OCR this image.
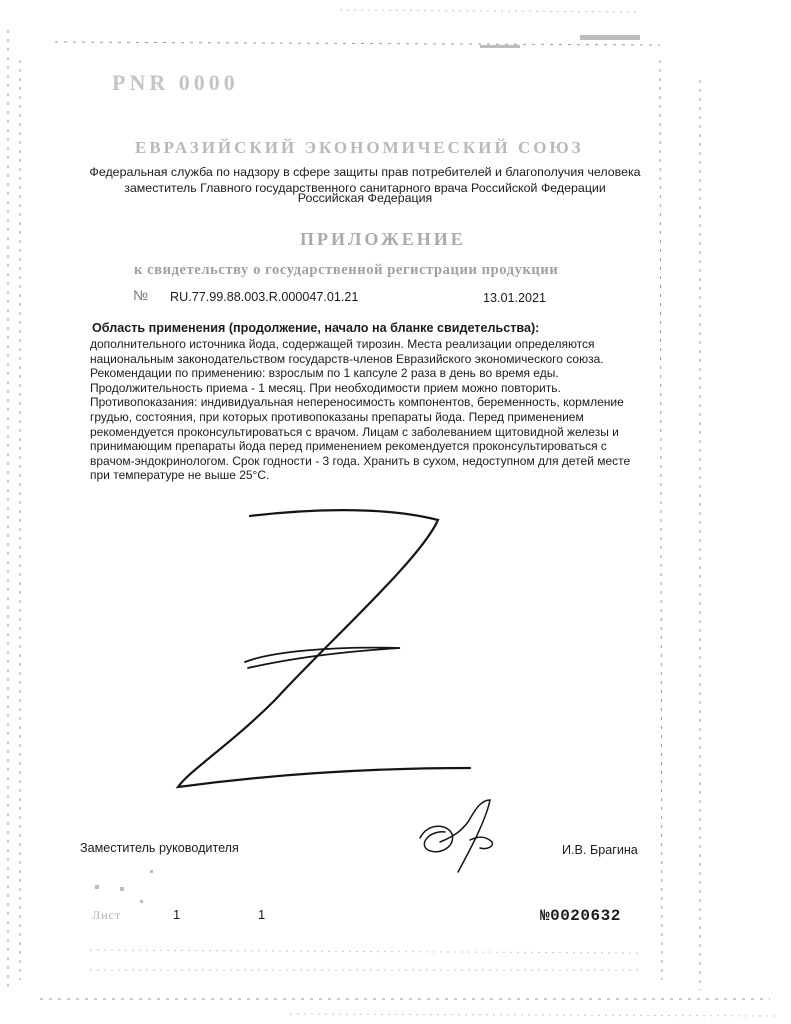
PNR 0000
ЕВРАЗИЙСКИЙ ЭКОНОМИЧЕСКИЙ СОЮЗ
Федеральная служба по надзору в сфере защиты прав потребителей и благополучия человека
заместитель Главного государственного санитарного врача Российской Федерации
Российская Федерация
ПРИЛОЖЕНИЕ
к свидетельству о государственной регистрации продукции
№ RU.77.99.88.003.R.000047.01.21	13.01.2021
Область применения (продолжение, начало на бланке свидетельства):

дополнительного источника йода, содержащей тирозин. Места реализации определяются

национальным законодательством государств-членов Евразийского экономического союза.

Рекомендации по применению: взрослым по 1 капсуле 2 раза в день во время еды.

Продолжительность приема - 1 месяц. При необходимости прием можно повторить.

Противопоказания: индивидуальная непереносимость компонентов, беременность, кормление

грудью, состояния, при которых противопоказаны препараты йода. Перед применением

рекомендуется проконсультироваться с врачом. Лицам с заболеванием щитовидной железы и

принимающим препараты йода перед применением рекомендуется проконсультироваться с

врачом-эндокринологом. Срок годности - 3 года. Хранить в сухом, недоступном для детей месте

при температуре не выше 25°С.

Заместитель руководителя	И.В. Брагина
Лист	1	1	№0020632
